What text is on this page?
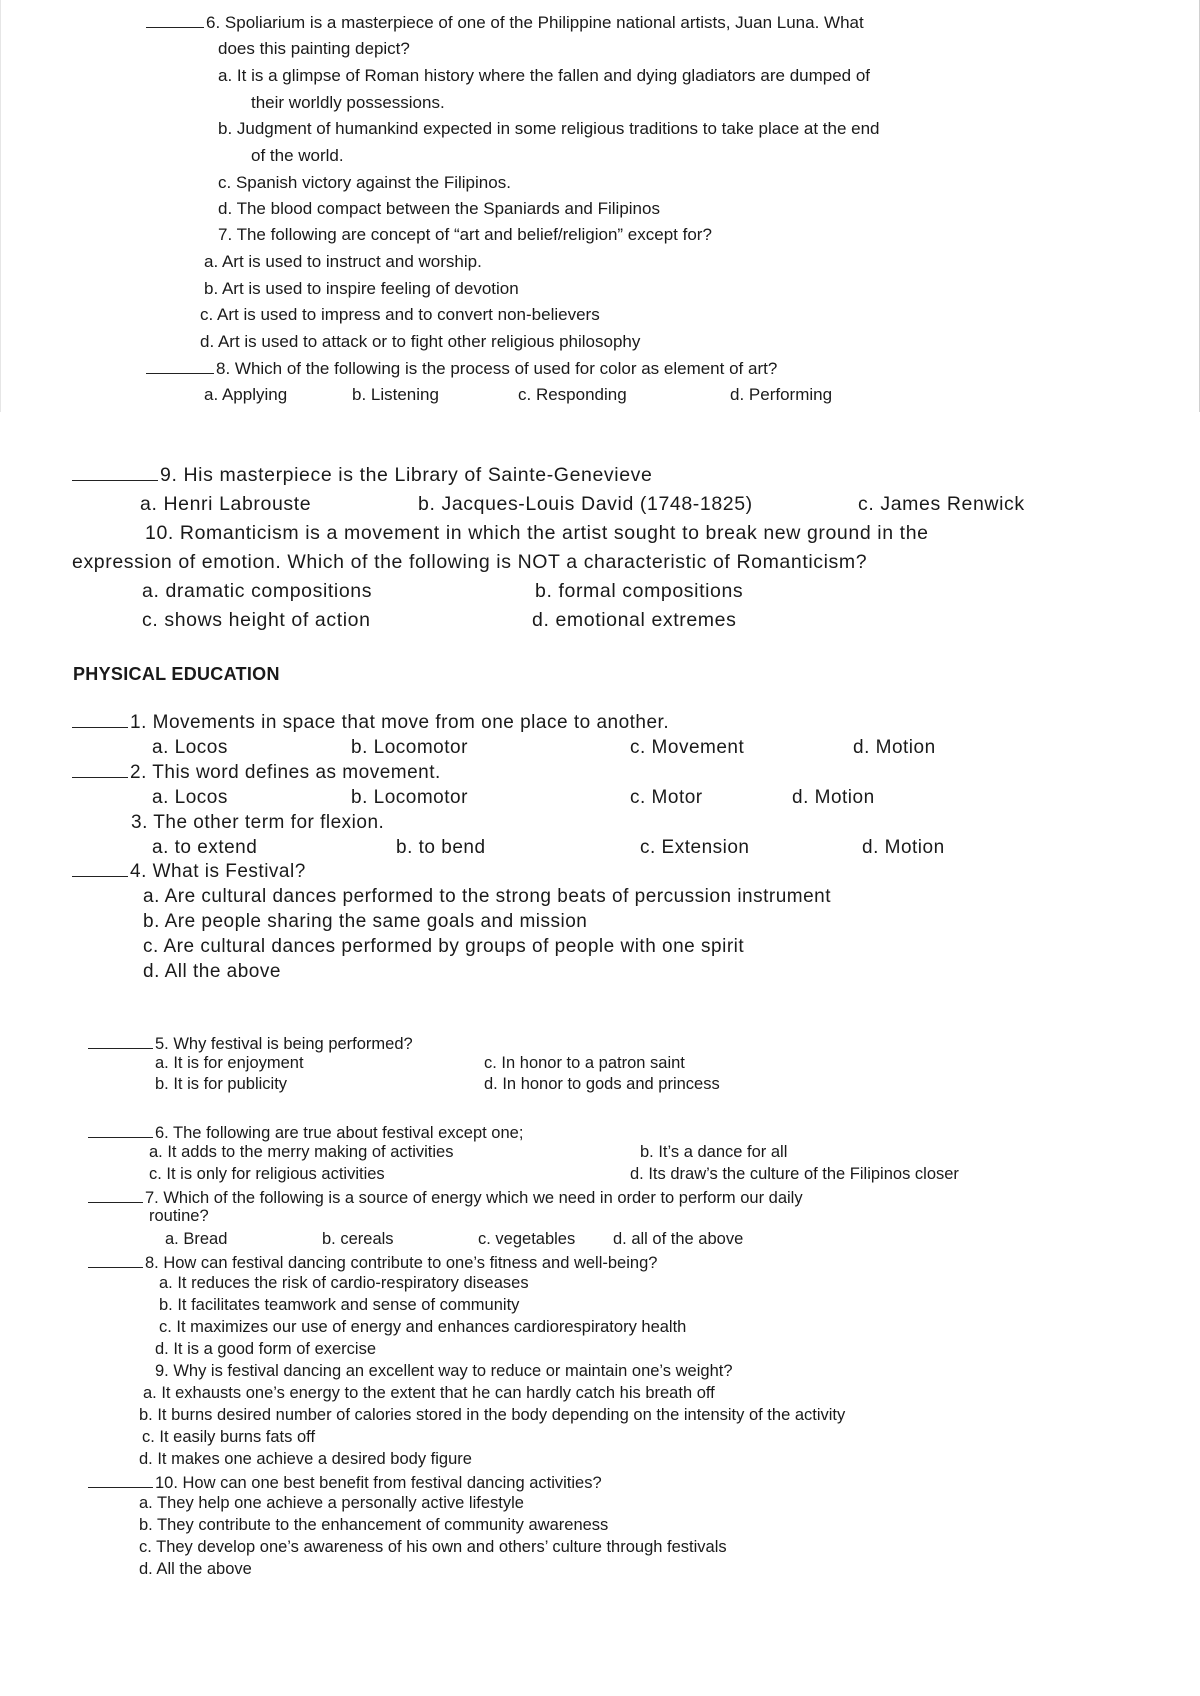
6. Spoliarium is a masterpiece of one of the Philippine national artists, Juan Luna. What
does this painting depict?
a. It is a glimpse of Roman history where the fallen and dying gladiators are dumped of
their worldly possessions.
b. Judgment of humankind expected in some religious traditions to take place at the end
of the world.
c. Spanish victory against the Filipinos.
d. The blood compact between the Spaniards and Filipinos
7. The following are concept of “art and belief/religion” except for?
a. Art is used to instruct and worship.
b. Art is used to inspire feeling of devotion
c. Art is used to impress and to convert non-believers
d. Art is used to attack or to fight other religious philosophy
8. Which of the following is the process of used for color as element of art?
a. Applying	b. Listening	c. Responding	d. Performing
9. His masterpiece is the Library of Sainte-Genevieve
a. Henri Labrouste	b. Jacques-Louis David (1748-1825)	c. James Renwick
10. Romanticism is a movement in which the artist sought to break new ground in the
expression of emotion. Which of the following is NOT a characteristic of Romanticism?
a. dramatic compositions	b. formal compositions
c. shows height of action	d. emotional extremes
PHYSICAL EDUCATION
1. Movements in space that move from one place to another.
a. Locos	b. Locomotor	c. Movement	d. Motion
2. This word defines as movement.
a. Locos	b. Locomotor	c. Motor	d. Motion
3. The other term for flexion.
a. to extend	b. to bend	c. Extension	d. Motion
4. What is Festival?
a. Are cultural dances performed to the strong beats of percussion instrument
b. Are people sharing the same goals and mission
c. Are cultural dances performed by groups of people with one spirit
d. All the above
5. Why festival is being performed?
a. It is for enjoyment
b. It is for publicity
c. In honor to a patron saint
d. In honor to gods and princess
6. The following are true about festival except one;
a. It adds to the merry making of activities	b. It’s a dance for all
c. It is only for religious activities	d. Its draw’s the culture of the Filipinos closer
7. Which of the following is a source of energy which we need in order to perform our daily
routine?
a. Bread	b. cereals	c. vegetables d. all of the above
8. How can festival dancing contribute to one’s fitness and well-being?
a. It reduces the risk of cardio-respiratory diseases
b. It facilitates teamwork and sense of community
c. It maximizes our use of energy and enhances cardiorespiratory health
d. It is a good form of exercise
9. Why is festival dancing an excellent way to reduce or maintain one’s weight?
a. It exhausts one’s energy to the extent that he can hardly catch his breath off
b. It burns desired number of calories stored in the body depending on the intensity of the activity
c. It easily burns fats off
d. It makes one achieve a desired body figure
10. How can one best benefit from festival dancing activities?
a. They help one achieve a personally active lifestyle
b. They contribute to the enhancement of community awareness
c. They develop one’s awareness of his own and others’ culture through festivals
d. All the above
